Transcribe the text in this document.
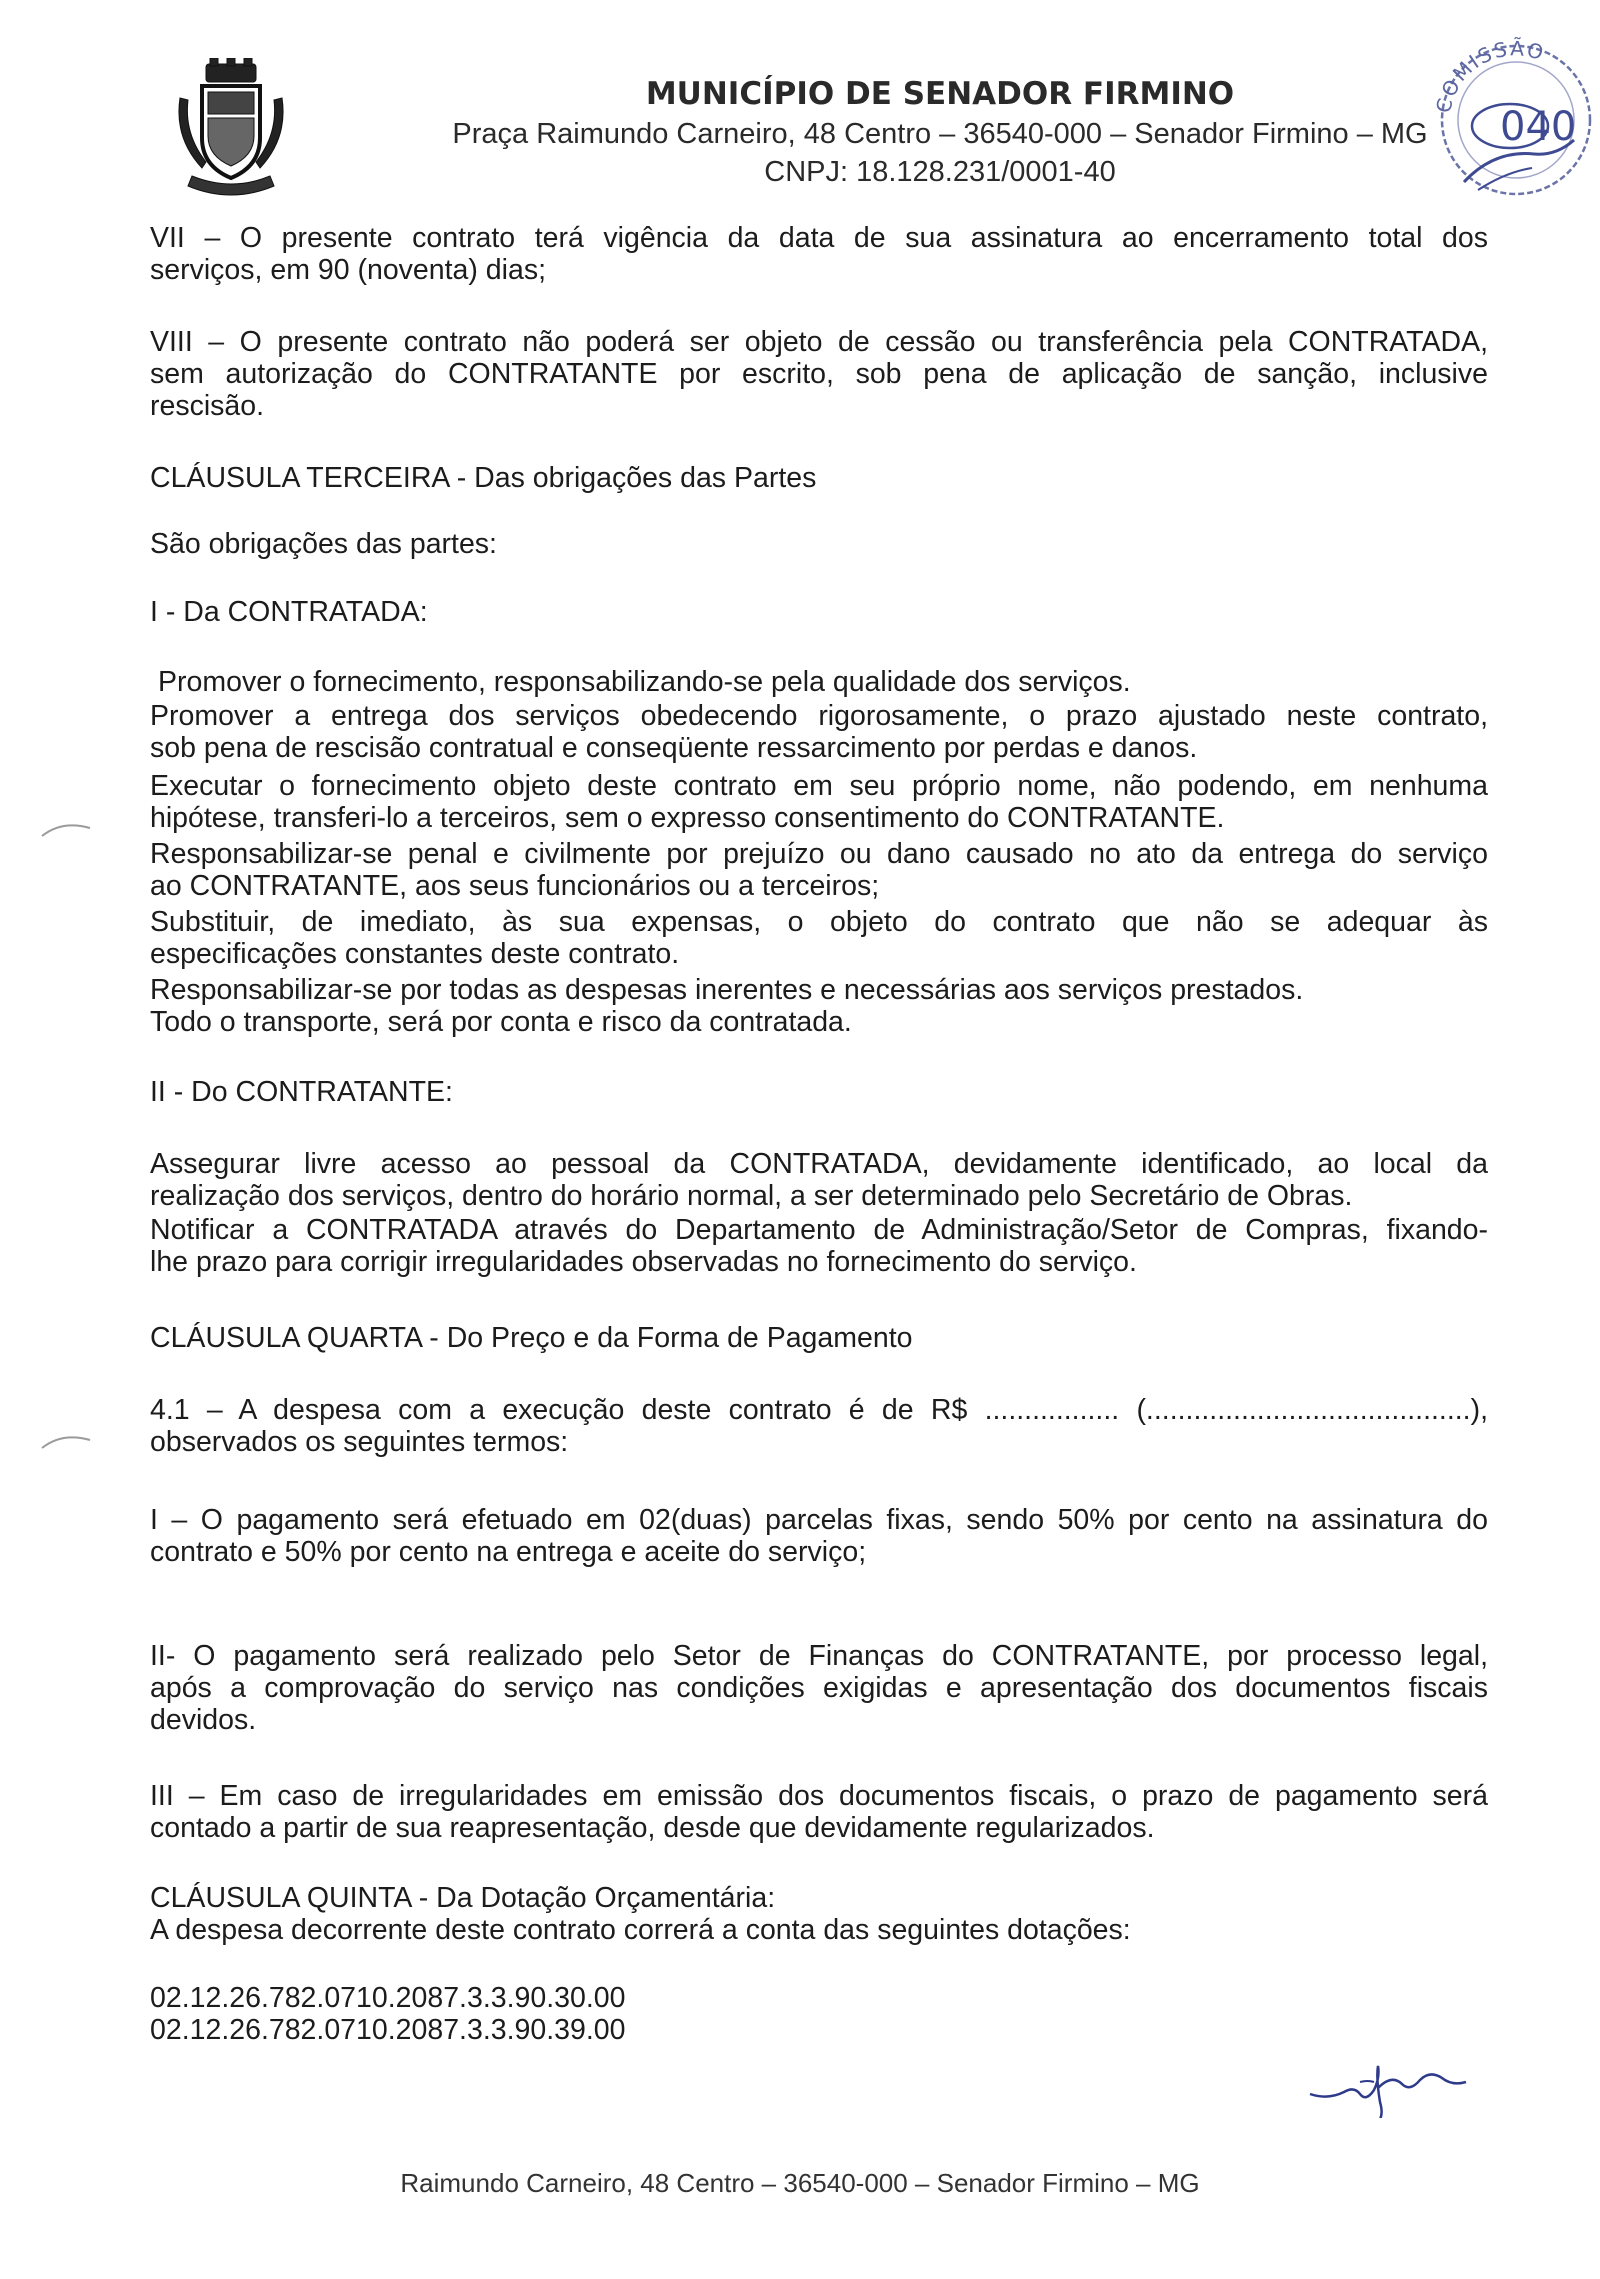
MUNICÍPIO DE SENADOR FIRMINO
Praça Raimundo Carneiro, 48 Centro – 36540-000 – Senador Firmino – MG
CNPJ: 18.128.231/0001-40
COMISSÃO
040
VII – O presente contrato terá vigência da data de sua assinatura ao encerramento total dos
serviços, em 90 (noventa) dias;
VIII – O presente contrato não poderá ser objeto de cessão ou transferência pela CONTRATADA,
sem autorização do CONTRATANTE por escrito, sob pena de aplicação de sanção, inclusive
rescisão.
CLÁUSULA TERCEIRA - Das obrigações das Partes
São obrigações das partes:
I - Da CONTRATADA:
Promover o fornecimento, responsabilizando-se pela qualidade dos serviços.
Promover a entrega dos serviços obedecendo rigorosamente, o prazo ajustado neste contrato,
sob pena de rescisão contratual e conseqüente ressarcimento por perdas e danos.
Executar o fornecimento objeto deste contrato em seu próprio nome, não podendo, em nenhuma
hipótese, transferi-lo a terceiros, sem o expresso consentimento do CONTRATANTE.
Responsabilizar-se penal e civilmente por prejuízo ou dano causado no ato da entrega do serviço
ao CONTRATANTE, aos seus funcionários ou a terceiros;
Substituir, de imediato, às sua expensas, o objeto do contrato que não se adequar às
especificações constantes deste contrato.
Responsabilizar-se por todas as despesas inerentes e necessárias aos serviços prestados.
Todo o transporte, será por conta e risco da contratada.
II - Do CONTRATANTE:
Assegurar livre acesso ao pessoal da CONTRATADA, devidamente identificado, ao local da
realização dos serviços, dentro do horário normal, a ser determinado pelo Secretário de Obras.
Notificar a CONTRATADA através do Departamento de Administração/Setor de Compras, fixando-
lhe prazo para corrigir irregularidades observadas no fornecimento do serviço.
CLÁUSULA QUARTA - Do Preço e da Forma de Pagamento
4.1 – A despesa com a execução deste contrato é de R$ ................. (.........................................),
observados os seguintes termos:
I – O pagamento será efetuado em 02(duas) parcelas fixas, sendo 50% por cento na assinatura do
contrato e 50% por cento na entrega e aceite do serviço;
II- O pagamento será realizado pelo Setor de Finanças do CONTRATANTE, por processo legal,
após a comprovação do serviço nas condições exigidas e apresentação dos documentos fiscais
devidos.
III – Em caso de irregularidades em emissão dos documentos fiscais, o prazo de pagamento será
contado a partir de sua reapresentação, desde que devidamente regularizados.
CLÁUSULA QUINTA - Da Dotação Orçamentária:
A despesa decorrente deste contrato correrá a conta das seguintes dotações:
02.12.26.782.0710.2087.3.3.90.30.00
02.12.26.782.0710.2087.3.3.90.39.00
Raimundo Carneiro, 48 Centro – 36540-000 – Senador Firmino – MG
